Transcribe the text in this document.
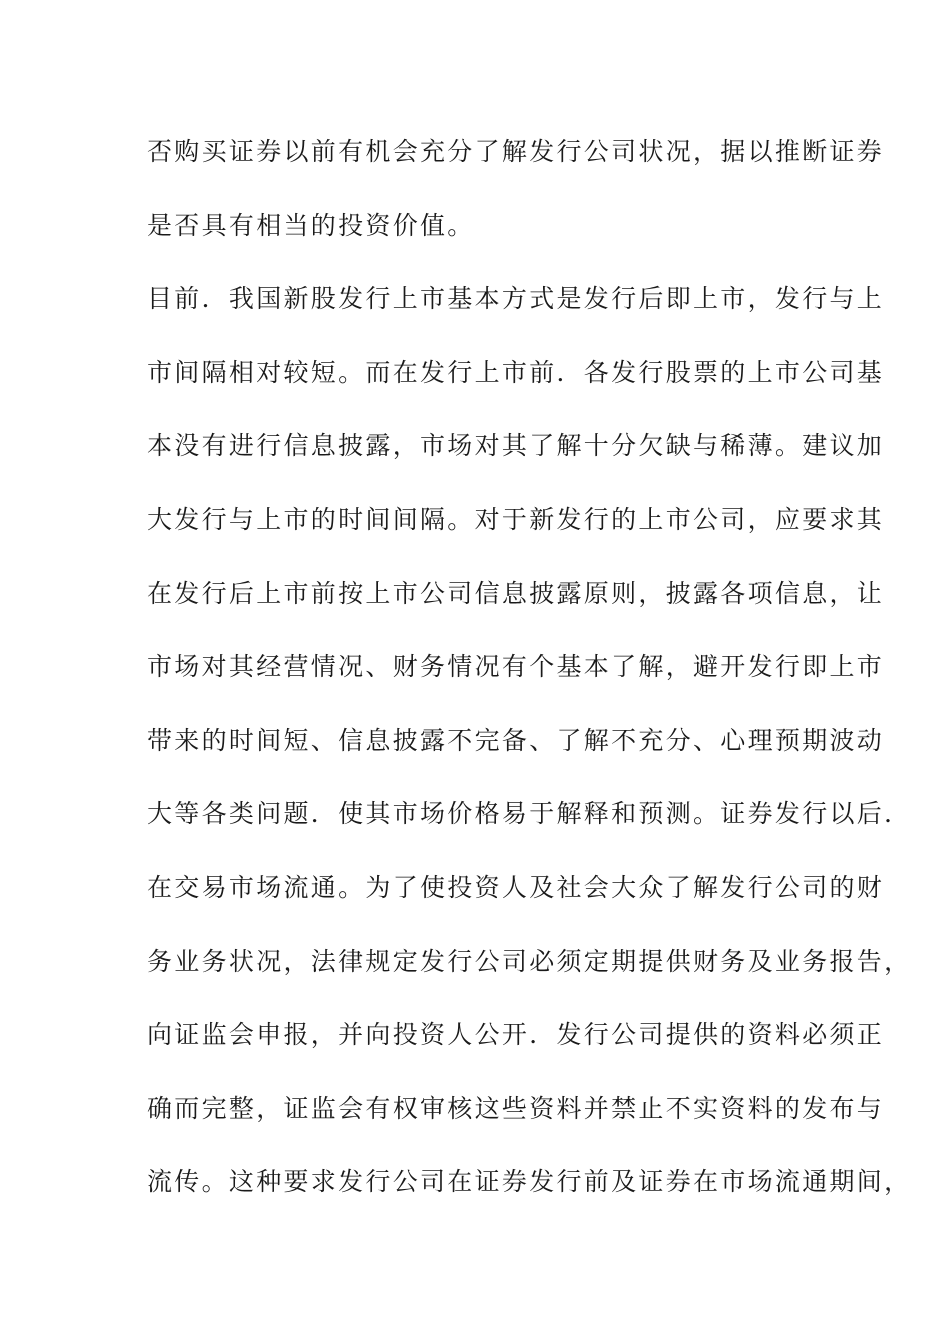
否购买证券以前有机会充分了解发行公司状况，据以推断证券
是否具有相当的投资价值。
目前．我国新股发行上市基本方式是发行后即上市，发行与上
市间隔相对较短。而在发行上市前．各发行股票的上市公司基
本没有进行信息披露，市场对其了解十分欠缺与稀薄。建议加
大发行与上市的时间间隔。对于新发行的上市公司，应要求其
在发行后上市前按上市公司信息披露原则，披露各项信息，让
市场对其经营情况、财务情况有个基本了解，避开发行即上市
带来的时间短、信息披露不完备、了解不充分、心理预期波动
大等各类问题．使其市场价格易于解释和预测。证券发行以后．
在交易市场流通。为了使投资人及社会大众了解发行公司的财
务业务状况，法律规定发行公司必须定期提供财务及业务报告，
向证监会申报，并向投资人公开．发行公司提供的资料必须正
确而完整，证监会有权审核这些资料并禁止不实资料的发布与
流传。这种要求发行公司在证券发行前及证券在市场流通期间，
